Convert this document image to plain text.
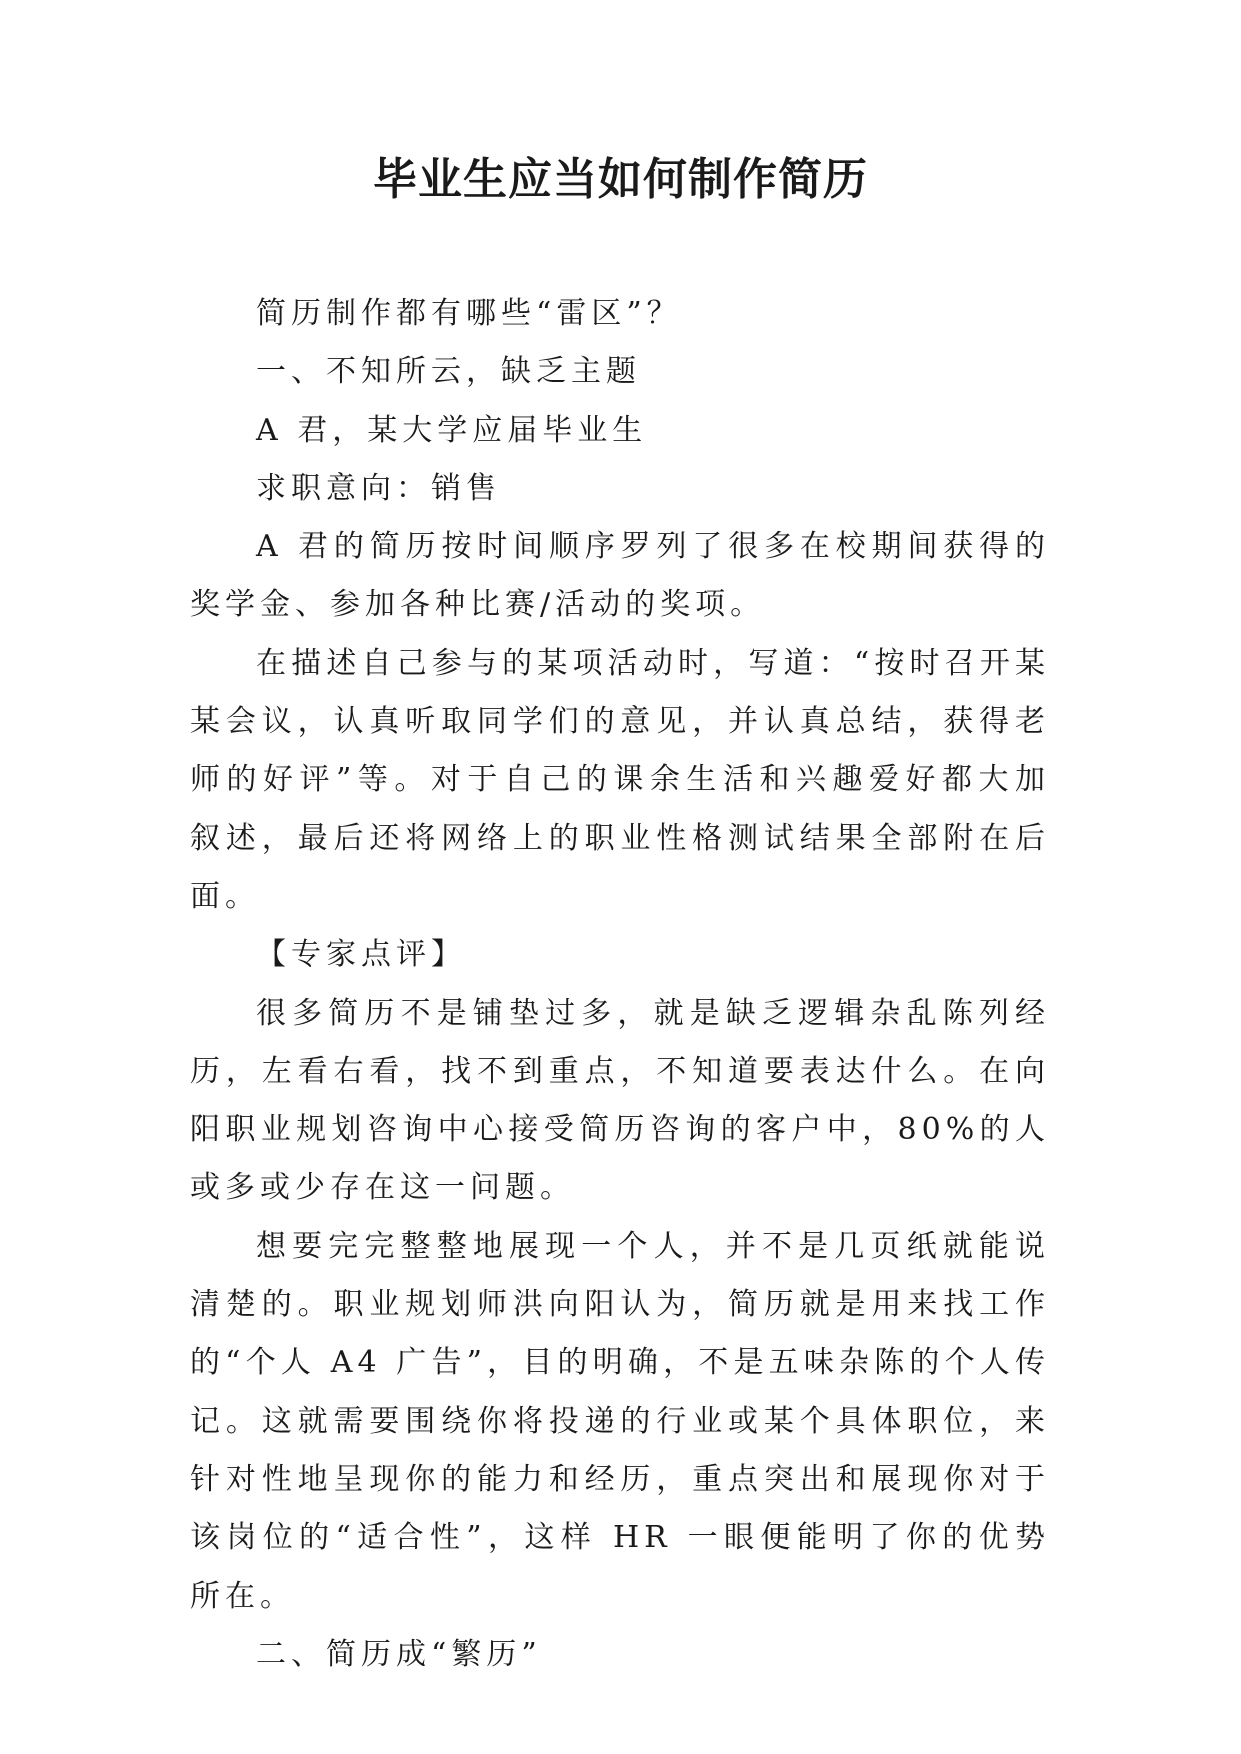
毕业生应当如何制作简历

简历制作都有哪些“雷区”？

一、不知所云，缺乏主题

A 君，某大学应届毕业生

求职意向：销售

A 君的简历按时间顺序罗列了很多在校期间获得的奖学金、参加各种比赛/活动的奖项。

在描述自己参与的某项活动时，写道：“按时召开某某会议，认真听取同学们的意见，并认真总结，获得老师的好评”等。对于自己的课余生活和兴趣爱好都大加叙述，最后还将网络上的职业性格测试结果全部附在后面。

【专家点评】

很多简历不是铺垫过多，就是缺乏逻辑杂乱陈列经历，左看右看，找不到重点，不知道要表达什么。在向阳职业规划咨询中心接受简历咨询的客户中，80%的人或多或少存在这一问题。

想要完完整整地展现一个人，并不是几页纸就能说清楚的。职业规划师洪向阳认为，简历就是用来找工作的“个人 A4 广告”，目的明确，不是五味杂陈的个人传记。这就需要围绕你将投递的行业或某个具体职位，来针对性地呈现你的能力和经历，重点突出和展现你对于该岗位的“适合性”，这样 HR 一眼便能明了你的优势所在。

二、简历成“繁历”
